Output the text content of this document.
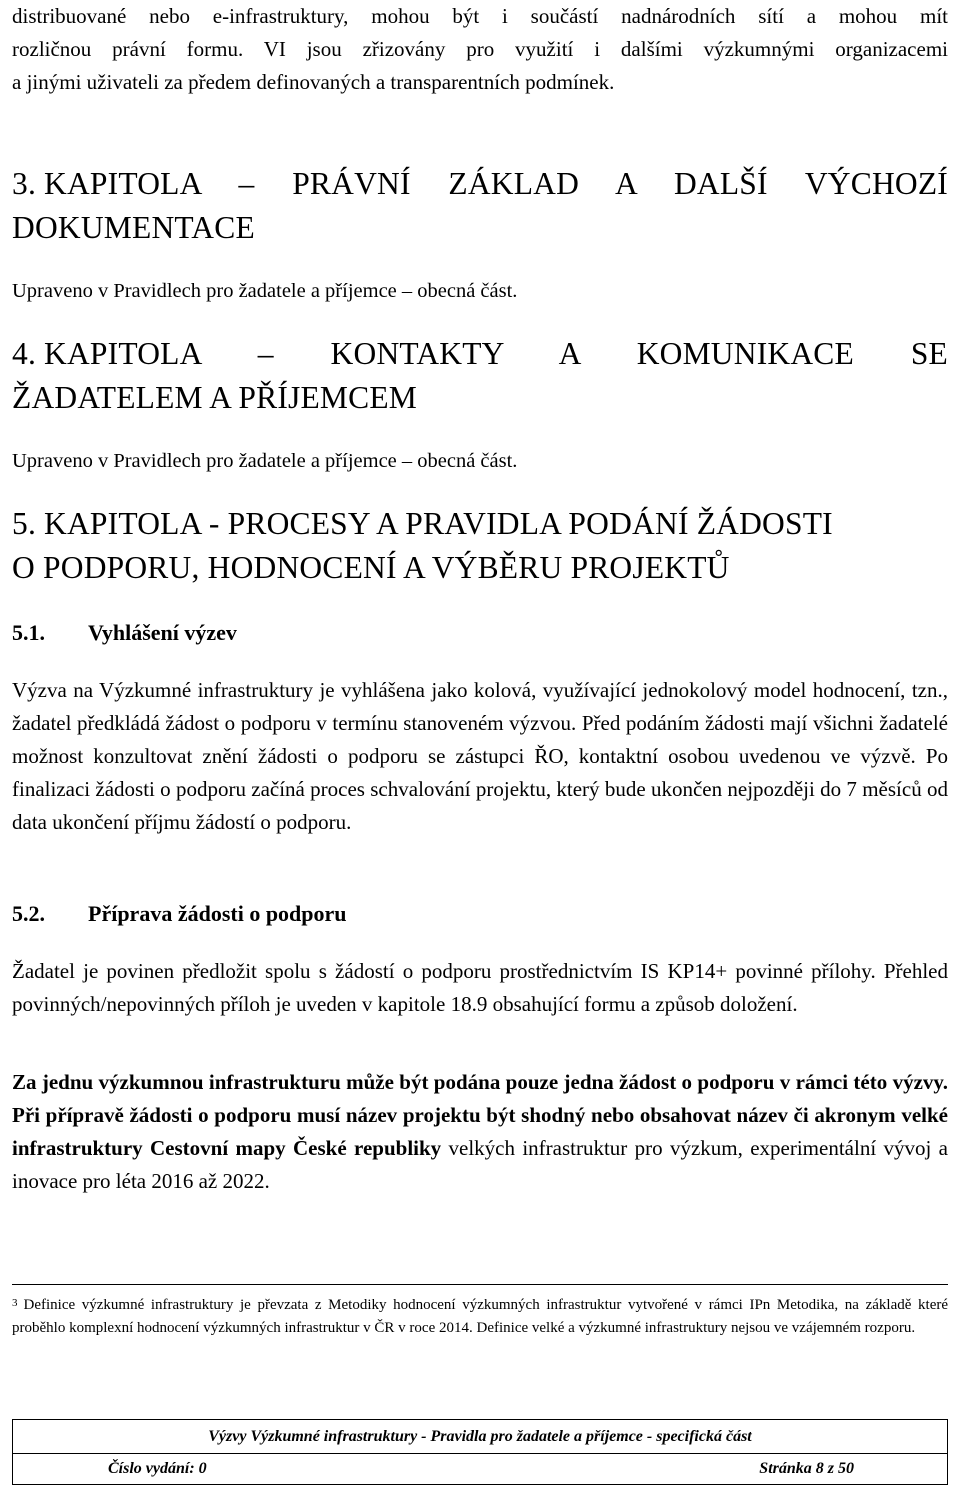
distribuované nebo e-infrastruktury, mohou být i součástí nadnárodních sítí a mohou mít

rozličnou právní formu. VI jsou zřizovány pro využití i dalšími výzkumnými organizacemi

a jinými uživateli za předem definovaných a transparentních podmínek.

3. KAPITOLA – PRÁVNÍ ZÁKLAD A DALŠÍ VÝCHOZÍ
DOKUMENTACE

Upraveno v Pravidlech pro žadatele a příjemce – obecná část.

4. KAPITOLA – KONTAKTY A KOMUNIKACE SE
ŽADATELEM A PŘÍJEMCEM

Upraveno v Pravidlech pro žadatele a příjemce – obecná část.

5. KAPITOLA - PROCESY A PRAVIDLA PODÁNÍ ŽÁDOSTI
O PODPORU, HODNOCENÍ A VÝBĚRU PROJEKTŮ

5.1. Vyhlášení výzev

Výzva na Výzkumné infrastruktury je vyhlášena jako kolová, využívající jednokolový model hodnocení, tzn., žadatel předkládá žádost o podporu v termínu stanoveném výzvou. Před podáním žádosti mají všichni žadatelé možnost konzultovat znění žádosti o podporu se zástupci ŘO, kontaktní osobou uvedenou ve výzvě. Po finalizaci žádosti o podporu začíná proces schvalování projektu, který bude ukončen nejpozději do 7 měsíců od data ukončení příjmu žádostí o podporu.

5.2. Příprava žádosti o podporu

Žadatel je povinen předložit spolu s žádostí o podporu prostřednictvím IS KP14+ povinné přílohy. Přehled povinných/nepovinných příloh je uveden v kapitole 18.9 obsahující formu a způsob doložení.

Za jednu výzkumnou infrastrukturu může být podána pouze jedna žádost o podporu v rámci této výzvy. Při přípravě žádosti o podporu musí název projektu být shodný nebo obsahovat název či akronym velké infrastruktury Cestovní mapy České republiky velkých infrastruktur pro výzkum, experimentální vývoj a inovace pro léta 2016 až 2022.

$^3$ Definice výzkumné infrastruktury je převzata z Metodiky hodnocení výzkumných infrastruktur vytvořené v rámci IPn Metodika, na základě které proběhlo komplexní hodnocení výzkumných infrastruktur v ČR v roce 2014. Definice velké a výzkumné infrastruktury nejsou ve vzájemném rozporu.
Výzvy Výzkumné infrastruktury - Pravidla pro žadatele a příjemce - specifická část
Číslo vydání: 0	Stránka 8 z 50
